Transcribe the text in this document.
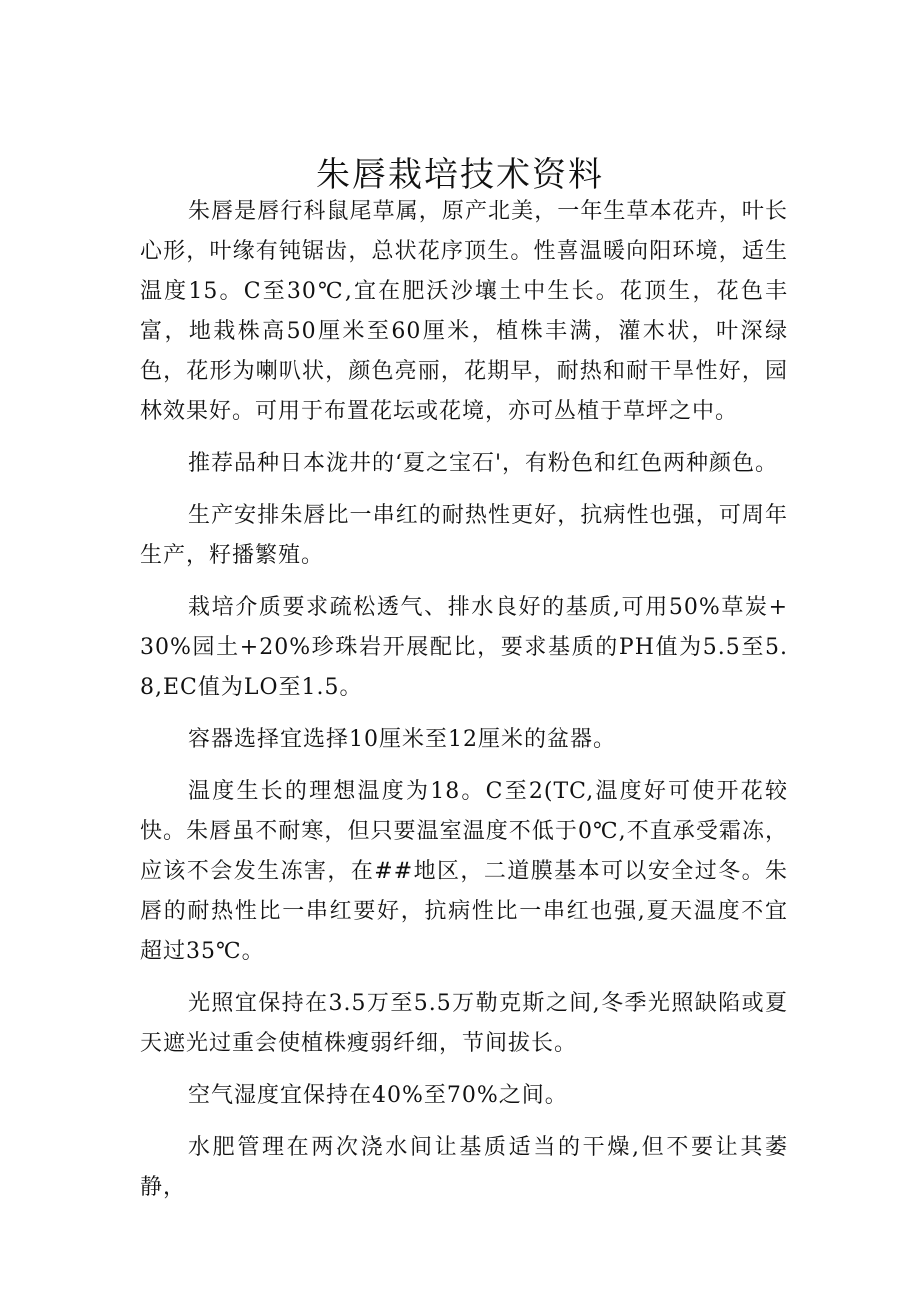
朱唇栽培技术资料

朱唇是唇行科鼠尾草属，原产北美，一年生草本花卉，叶长心形，叶缘有钝锯齿，总状花序顶生。性喜温暖向阳环境，适生温度15。C至30℃,宜在肥沃沙壤土中生长。花顶生，花色丰富，地栽株高50厘米至60厘米，植株丰满，灌木状，叶深绿色，花形为喇叭状，颜色亮丽，花期早，耐热和耐干旱性好，园林效果好。可用于布置花坛或花境，亦可丛植于草坪之中。

推荐品种日本泷井的‘夏之宝石'，有粉色和红色两种颜色。

生产安排朱唇比一串红的耐热性更好，抗病性也强，可周年生产，籽播繁殖。

栽培介质要求疏松透气、排水良好的基质,可用50%草炭+30%园土+20%珍珠岩开展配比，要求基质的PH值为5.5至5.8,EC值为LO至1.5。

容器选择宜选择10厘米至12厘米的盆器。

温度生长的理想温度为18。C至2(TC,温度好可使开花较快。朱唇虽不耐寒，但只要温室温度不低于0℃,不直承受霜冻，应该不会发生冻害，在##地区，二道膜基本可以安全过冬。朱唇的耐热性比一串红要好，抗病性比一串红也强,夏天温度不宜超过35℃。

光照宜保持在3.5万至5.5万勒克斯之间,冬季光照缺陷或夏天遮光过重会使植株瘦弱纤细，节间拔长。

空气湿度宜保持在40%至70%之间。

水肥管理在两次浇水间让基质适当的干燥,但不要让其萎静，
